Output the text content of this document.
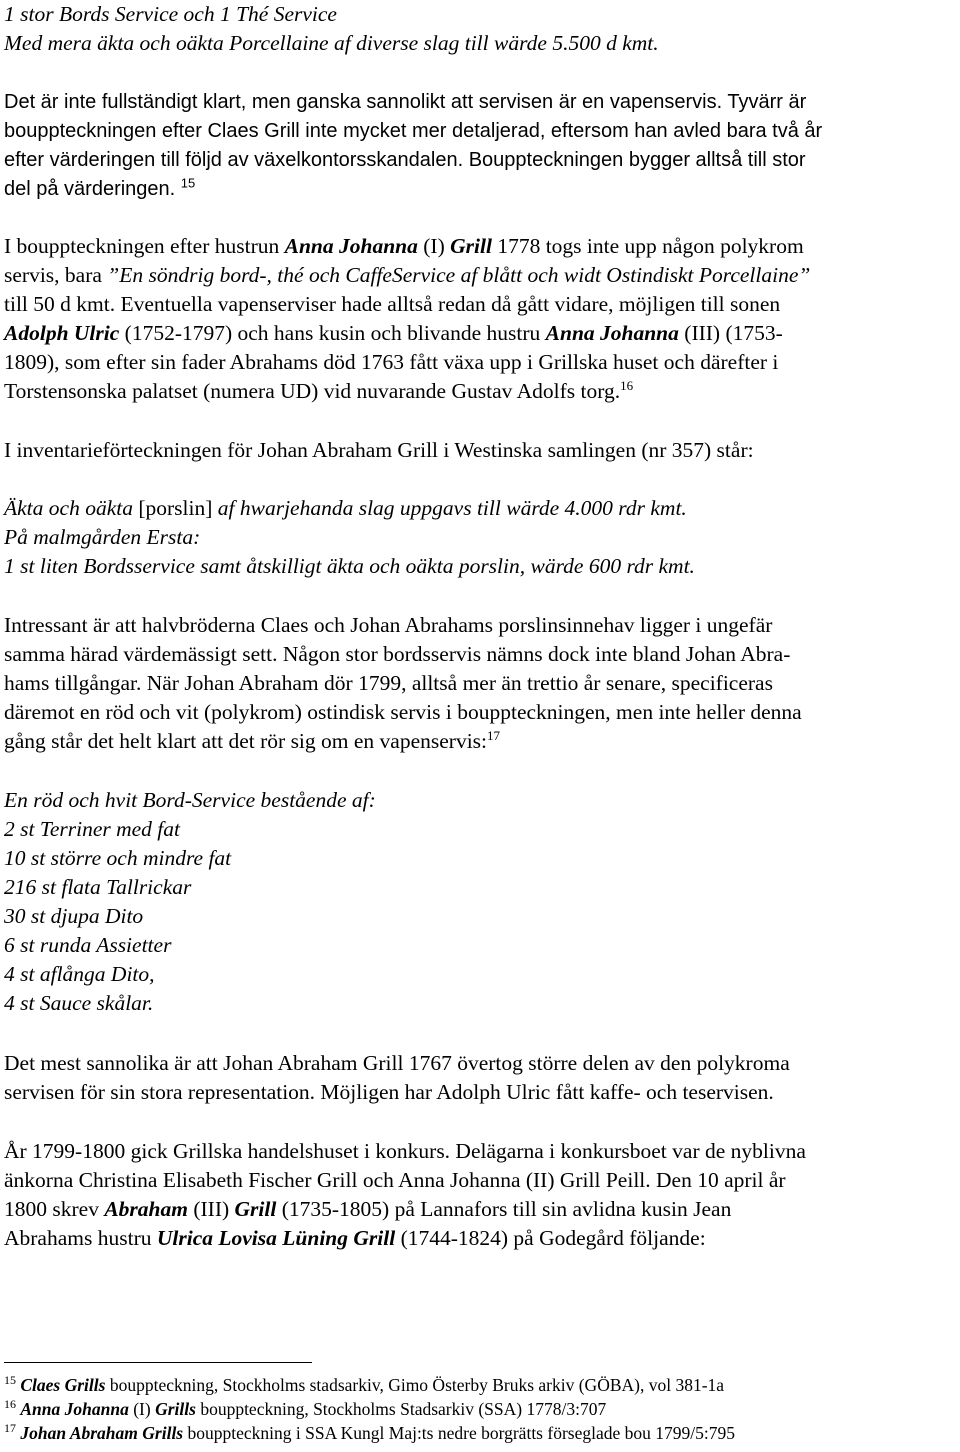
1 stor Bords Service och 1 Thé Service
Med mera äkta och oäkta Porcellaine af diverse slag till wärde 5.500 d kmt.
Det är inte fullständigt klart, men ganska sannolikt att servisen är en vapenservis. Tyvärr är
bouppteckningen efter Claes Grill inte mycket mer detaljerad, eftersom han avled bara två år
efter värderingen till följd av växelkontorsskandalen. Bouppteckningen bygger alltså till stor
del på värderingen. $^{15}$
I bouppteckningen efter hustrun Anna Johanna (I) Grill 1778 togs inte upp någon polykrom
servis, bara ”En söndrig bord-, thé och CaffeService af blått och widt Ostindiskt Porcellaine”
till 50 d kmt. Eventuella vapenserviser hade alltså redan då gått vidare, möjligen till sonen
Adolph Ulric (1752-1797) och hans kusin och blivande hustru Anna Johanna (III) (1753-
1809), som efter sin fader Abrahams död 1763 fått växa upp i Grillska huset och därefter i
Torstensonska palatset (numera UD) vid nuvarande Gustav Adolfs torg.$^{16}$
I inventarieförteckningen för Johan Abraham Grill i Westinska samlingen (nr 357) står:
Äkta och oäkta [porslin] af hwarjehanda slag uppgavs till wärde 4.000 rdr kmt.
På malmgården Ersta:
1 st liten Bordsservice samt åtskilligt äkta och oäkta porslin, wärde 600 rdr kmt.
Intressant är att halvbröderna Claes och Johan Abrahams porslinsinnehav ligger i ungefär
samma härad värdemässigt sett. Någon stor bordsservis nämns dock inte bland Johan Abra-
hams tillgångar. När Johan Abraham dör 1799, alltså mer än trettio år senare, specificeras
däremot en röd och vit (polykrom) ostindisk servis i bouppteckningen, men inte heller denna
gång står det helt klart att det rör sig om en vapenservis:$^{17}$
En röd och hvit Bord-Service bestående af:
2 st Terriner med fat
10 st större och mindre fat
216 st flata Tallrickar
30 st djupa Dito
6 st runda Assietter
4 st aflånga Dito,
4 st Sauce skålar.
Det mest sannolika är att Johan Abraham Grill 1767 övertog större delen av den polykroma
servisen för sin stora representation. Möjligen har Adolph Ulric fått kaffe- och teservisen.
År 1799-1800 gick Grillska handelshuset i konkurs. Delägarna i konkursboet var de nyblivna
änkorna Christina Elisabeth Fischer Grill och Anna Johanna (II) Grill Peill. Den 10 april år
1800 skrev Abraham (III) Grill (1735-1805) på Lannafors till sin avlidna kusin Jean
Abrahams hustru Ulrica Lovisa Lüning Grill (1744-1824) på Godegård följande:
$^{15}$ Claes Grills bouppteckning, Stockholms stadsarkiv, Gimo Österby Bruks arkiv (GÖBA), vol 381-1a
$^{16}$ Anna Johanna (I) Grills bouppteckning, Stockholms Stadsarkiv (SSA) 1778/3:707
$^{17}$ Johan Abraham Grills bouppteckning i SSA Kungl Maj:ts nedre borgrätts förseglade bou 1799/5:795
